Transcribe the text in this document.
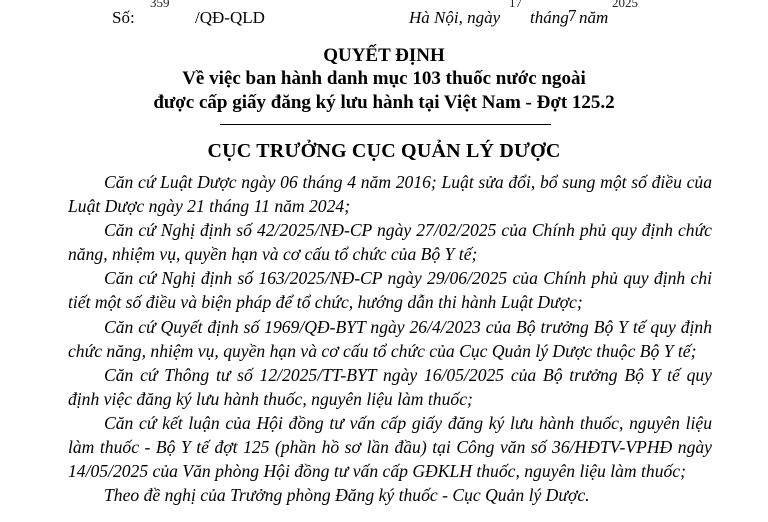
359
Số:	/QĐ-QLD	Hà Nội, ngày
17
tháng 7 năm
2025
QUYẾT ĐỊNH
Về việc ban hành danh mục 103 thuốc nước ngoài
được cấp giấy đăng ký lưu hành tại Việt Nam - Đợt 125.2
CỤC TRƯỞNG CỤC QUẢN LÝ DƯỢC

Căn cứ Luật Dược ngày 06 tháng 4 năm 2016; Luật sửa đổi, bổ sung một số điều của Luật Dược ngày 21 tháng 11 năm 2024;

Căn cứ Nghị định số 42/2025/NĐ-CP ngày 27/02/2025 của Chính phủ quy định chức năng, nhiệm vụ, quyền hạn và cơ cấu tổ chức của Bộ Y tế;

Căn cứ Nghị định số 163/2025/NĐ-CP ngày 29/06/2025 của Chính phủ quy định chi tiết một số điều và biện pháp để tổ chức, hướng dẫn thi hành Luật Dược;

Căn cứ Quyết định số 1969/QĐ-BYT ngày 26/4/2023 của Bộ trưởng Bộ Y tế quy định chức năng, nhiệm vụ, quyền hạn và cơ cấu tổ chức của Cục Quản lý Dược thuộc Bộ Y tế;

Căn cứ Thông tư số 12/2025/TT-BYT ngày 16/05/2025 của Bộ trưởng Bộ Y tế quy định việc đăng ký lưu hành thuốc, nguyên liệu làm thuốc;

Căn cứ kết luận của Hội đồng tư vấn cấp giấy đăng ký lưu hành thuốc, nguyên liệu làm thuốc - Bộ Y tế đợt 125 (phần hồ sơ lần đầu) tại Công văn số 36/HĐTV-VPHĐ ngày 14/05/2025 của Văn phòng Hội đồng tư vấn cấp GĐKLH thuốc, nguyên liệu làm thuốc;

Theo đề nghị của Trưởng phòng Đăng ký thuốc - Cục Quản lý Dược.
